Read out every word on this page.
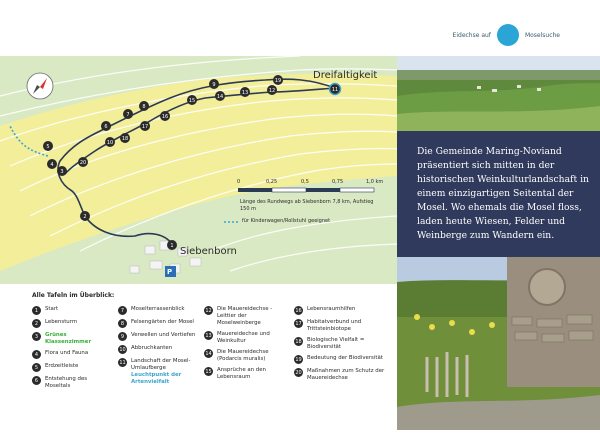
Eidechse auf	Moselsuche
1
2
3
4
5
6
7
8
9
10
11
12
13
14
15
16
17
18
19
20
Dreifaltigkeit
Siebenborn
P
0	0,25	0,5	0,75	1,0 km
Länge des Rundwegs ab Siebenborn 7,8 km, Aufstieg 150 m
für Kinderwagen/Rollstuhl geeignet
Die Gemeinde Maring-Noviand präsentiert sich mitten in der historischen Weinkulturlandschaft in einem einzigartigen Seitental der Mosel. Wo ehemals die Mosel floss, laden heute Wiesen, Felder und Weinberge zum Wandern ein.
Alle Tafeln im Überblick:
1	Start
2	Lebensturm
3	Grünes Klassenzimmer
4	Flora und Fauna
5	Erdzeitleiste
6	Entstehung des Moseltals
7	Moselterrassenblick
8	Felsengärten der Mosel
9	Verwellen und Vertiefen
10 Abbruchkanten
11 Landschaft der Mosel-Umlaufberge
Leuchtpunkt der Artenvielfalt
12 Die Mauereidechse - Leittier der Moselweinberge
13 Mauereidechse und Weinkultur
14 Die Mauereidechse (Podarcis muralis)
15 Ansprüche an den Lebensraum
16 Lebensraumhilfen
17 Habitatverbund und Trittsteinbiotope
18 Biologische Vielfalt = Biodiversität
19 Bedeutung der Biodiversität
20 Maßnahmen zum Schutz der Mauereidechse
